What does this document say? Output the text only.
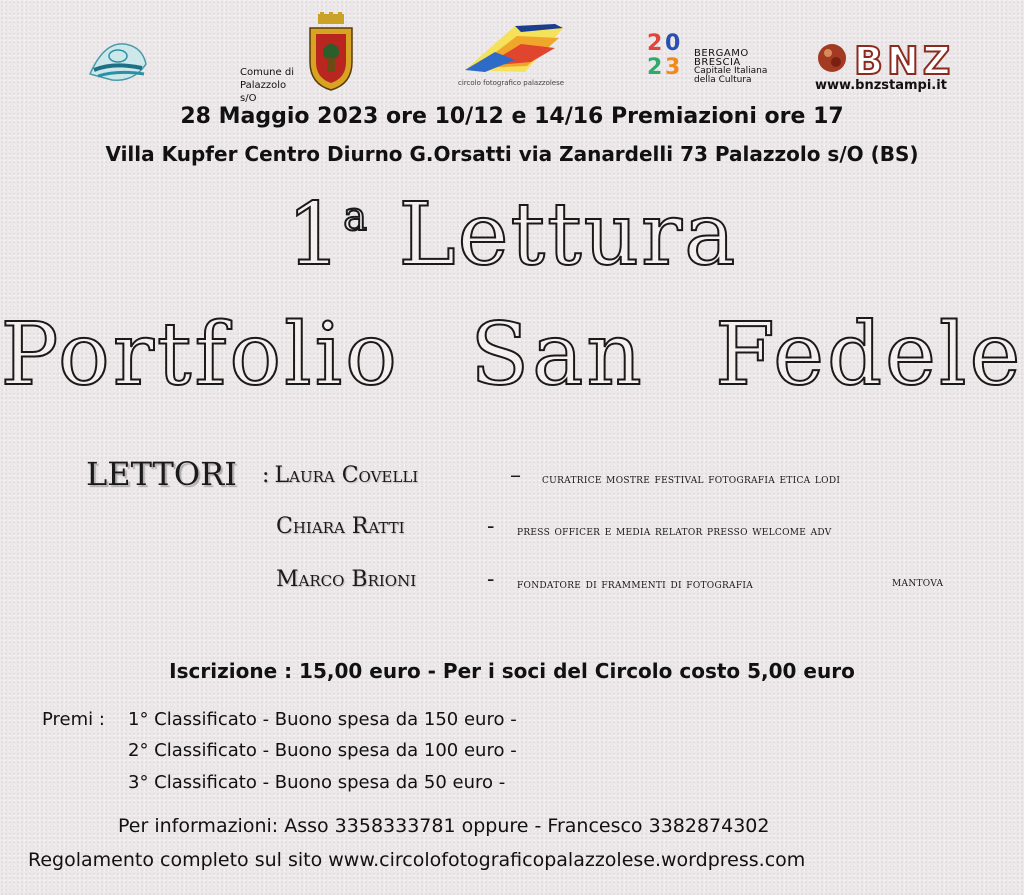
Comune di Palazzolo s/O
circolo fotografico palazzolese
2 0
2 3
BERGAMO
BRESCIA
Capitale Italiana
della Cultura	BNZ
www.bnzstampi.it
28 Maggio 2023 ore 10/12 e 14/16 Premiazioni ore 17
Villa Kupfer Centro Diurno G.Orsatti via Zanardelli 73 Palazzolo s/O (BS)
1$^a$ Lettura
Portfolio San Fedele
LETTORI : Laura Covelli	– curatrice mostre festival fotografia etica lodi
Chiara Ratti	- press officer e media relator presso welcome adv
Marco Brioni	- fondatore di frammenti di fotografia	mantova
Iscrizione : 15,00 euro - Per i soci del Circolo costo 5,00 euro
Premi : 1° Classificato - Buono spesa da 150 euro -
2° Classificato - Buono spesa da 100 euro -
3° Classificato - Buono spesa da 50 euro -
Per informazioni: Asso 3358333781 oppure - Francesco 3382874302
Regolamento completo sul sito www.circolofotograficopalazzolese.wordpress.com
